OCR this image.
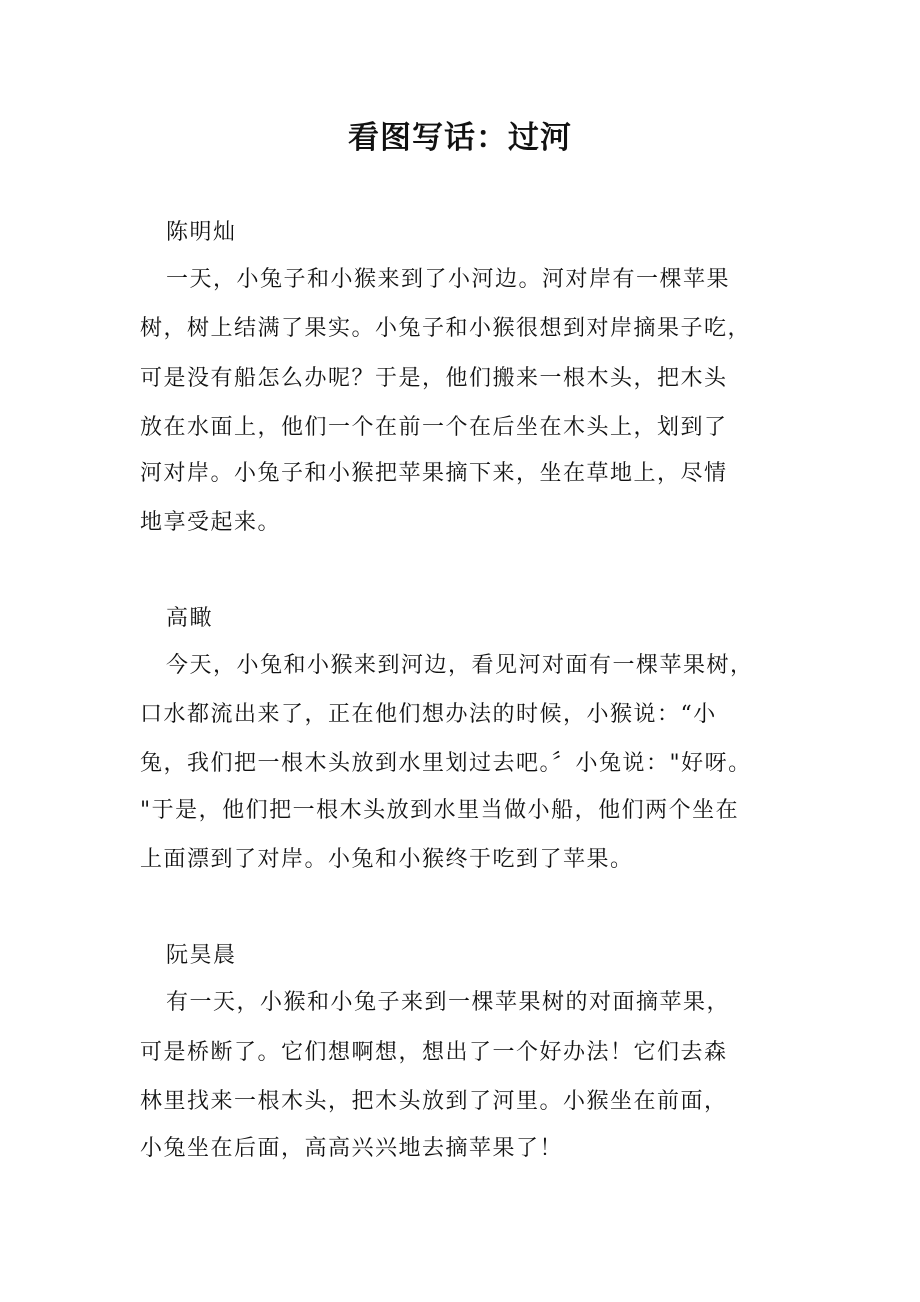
看图写话：过河
陈明灿
一天，小兔子和小猴来到了小河边。河对岸有一棵苹果
树，树上结满了果实。小兔子和小猴很想到对岸摘果子吃，
可是没有船怎么办呢？于是，他们搬来一根木头，把木头
放在水面上，他们一个在前一个在后坐在木头上，划到了
河对岸。小兔子和小猴把苹果摘下来，坐在草地上，尽情
地享受起来。
高瞰
今天，小兔和小猴来到河边，看见河对面有一棵苹果树，
口水都流出来了，正在他们想办法的时候，小猴说：“小
兔，我们把一根木头放到水里划过去吧。〞小兔说："好呀。
"于是，他们把一根木头放到水里当做小船，他们两个坐在
上面漂到了对岸。小兔和小猴终于吃到了苹果。
阮昊晨
有一天，小猴和小兔子来到一棵苹果树的对面摘苹果，
可是桥断了。它们想啊想，想出了一个好办法！它们去森
林里找来一根木头，把木头放到了河里。小猴坐在前面，
小兔坐在后面，高高兴兴地去摘苹果了！
